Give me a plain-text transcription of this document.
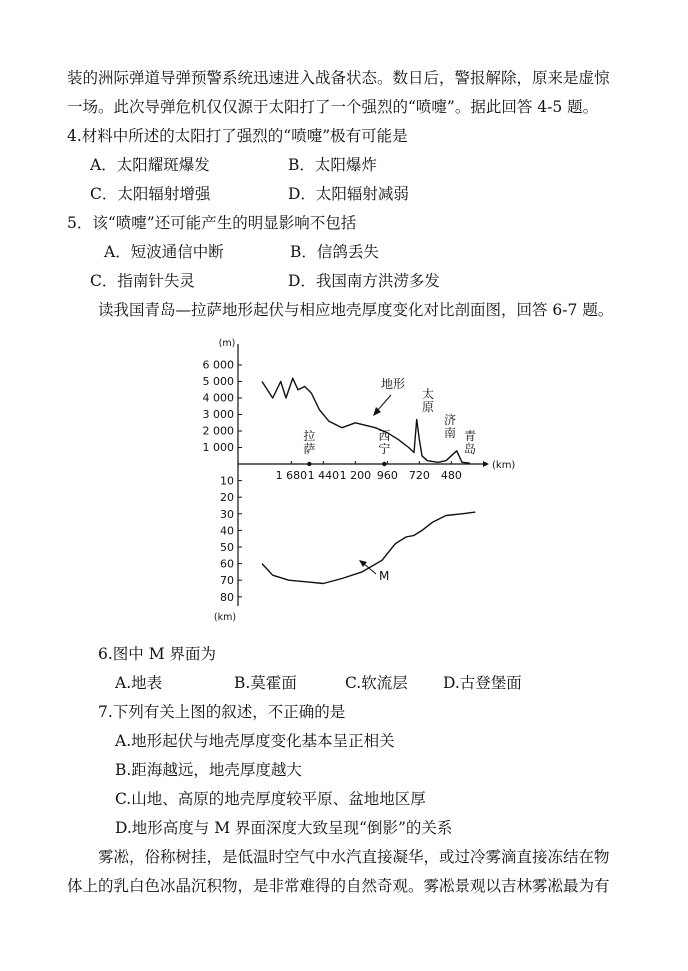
装的洲际弹道导弹预警系统迅速进入战备状态。数日后，警报解除，原来是虚惊
一场。此次导弹危机仅仅源于太阳打了一个强烈的“喷嚏”。据此回答 4-5 题。
4.材料中所述的太阳打了强烈的“喷嚏”极有可能是
A．太阳耀斑爆发	B．太阳爆炸
C．太阳辐射增强	D．太阳辐射减弱
5．该“喷嚏”还可能产生的明显影响不包括
A．短波通信中断	B．信鸽丢失
C．指南针失灵	D．我国南方洪涝多发
读我国青岛—拉萨地形起伏与相应地壳厚度变化对比剖面图，回答 6-7 题。
(m)
6 000
5 000
4 000
3 000
2 000
1 000
1 680 1 440 1 200 960 720 480
(km)
10
20
30
40
50
60
70
80
(km)
拉
萨
西
宁
太
原
济
南 青
岛
地形
M
6.图中 M 界面为
A.地表	B.莫霍面	C.软流层 D.古登堡面
7.下列有关上图的叙述，不正确的是
A.地形起伏与地壳厚度变化基本呈正相关
B.距海越远，地壳厚度越大
C.山地、高原的地壳厚度较平原、盆地地区厚
D.地形高度与 M 界面深度大致呈现“倒影”的关系
雾凇，俗称树挂，是低温时空气中水汽直接凝华，或过冷雾滴直接冻结在物
体上的乳白色冰晶沉积物，是非常难得的自然奇观。雾凇景观以吉林雾凇最为有
